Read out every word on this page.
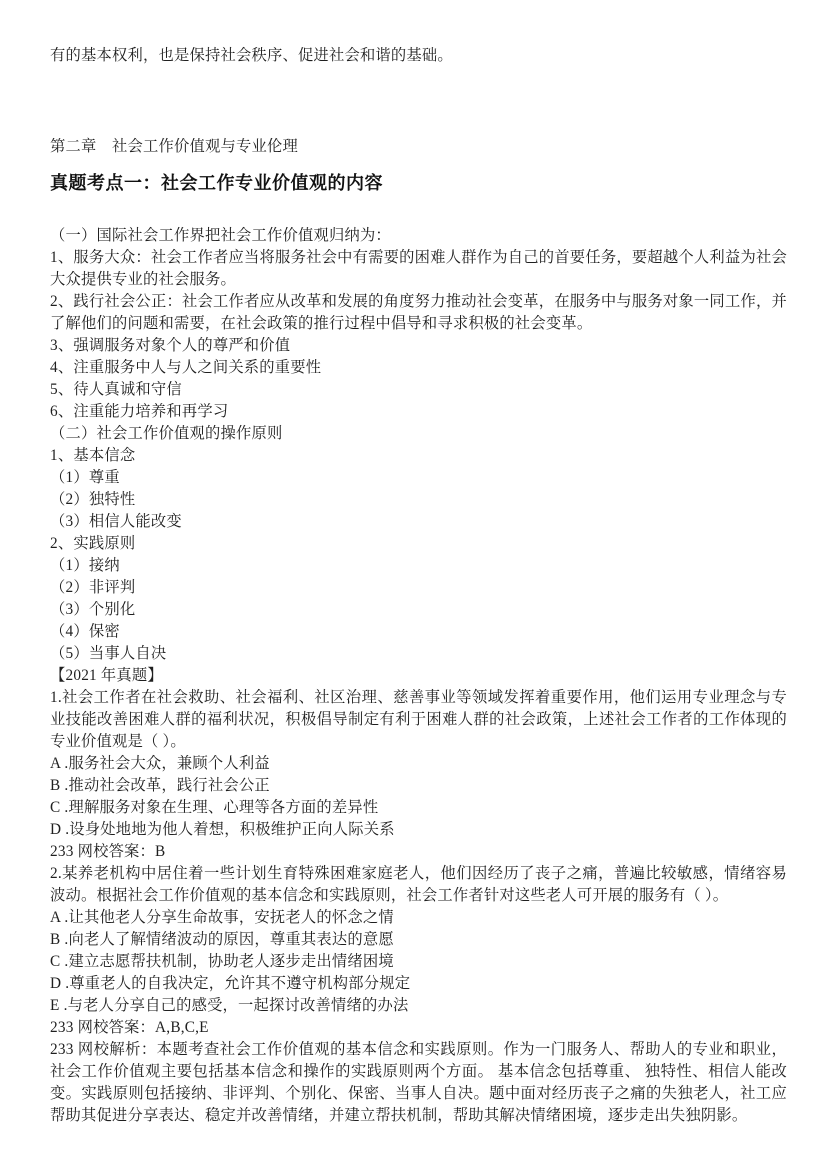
有的基本权利，也是保持社会秩序、促进社会和谐的基础。
第二章　社会工作价值观与专业伦理
真题考点一：社会工作专业价值观的内容
（一）国际社会工作界把社会工作价值观归纳为：
1、服务大众：社会工作者应当将服务社会中有需要的困难人群作为自己的首要任务，要超越个人利益为社会大众提供专业的社会服务。
2、践行社会公正：社会工作者应从改革和发展的角度努力推动社会变革，在服务中与服务对象一同工作，并了解他们的问题和需要，在社会政策的推行过程中倡导和寻求积极的社会变革。
3、强调服务对象个人的尊严和价值
4、注重服务中人与人之间关系的重要性
5、待人真诚和守信
6、注重能力培养和再学习
（二）社会工作价值观的操作原则
1、基本信念
（1）尊重
（2）独特性
（3）相信人能改变
2、实践原则
（1）接纳
（2）非评判
（3）个别化
（4）保密
（5）当事人自决
【2021 年真题】
1.社会工作者在社会救助、社会福利、社区治理、慈善事业等领域发挥着重要作用，他们运用专业理念与专业技能改善困难人群的福利状况，积极倡导制定有利于困难人群的社会政策，上述社会工作者的工作体现的专业价值观是（ ）。
A .服务社会大众，兼顾个人利益
B .推动社会改革，践行社会公正
C .理解服务对象在生理、心理等各方面的差异性
D .设身处地地为他人着想，积极维护正向人际关系
233 网校答案：B
2.某养老机构中居住着一些计划生育特殊困难家庭老人，他们因经历了丧子之痛，普遍比较敏感，情绪容易波动。根据社会工作价值观的基本信念和实践原则，社会工作者针对这些老人可开展的服务有（ ）。
A .让其他老人分享生命故事，安抚老人的怀念之情
B .向老人了解情绪波动的原因，尊重其表达的意愿
C .建立志愿帮扶机制，协助老人逐步走出情绪困境
D .尊重老人的自我决定，允许其不遵守机构部分规定
E .与老人分享自己的感受，一起探讨改善情绪的办法
233 网校答案：A,B,C,E
233 网校解析：本题考查社会工作价值观的基本信念和实践原则。作为一门服务人、帮助人的专业和职业，社会工作价值观主要包括基本信念和操作的实践原则两个方面。 基本信念包括尊重、 独特性、相信人能改变。实践原则包括接纳、非评判、个别化、保密、当事人自决。题中面对经历丧子之痛的失独老人，社工应帮助其促进分享表达、稳定并改善情绪，并建立帮扶机制，帮助其解决情绪困境，逐步走出失独阴影。
